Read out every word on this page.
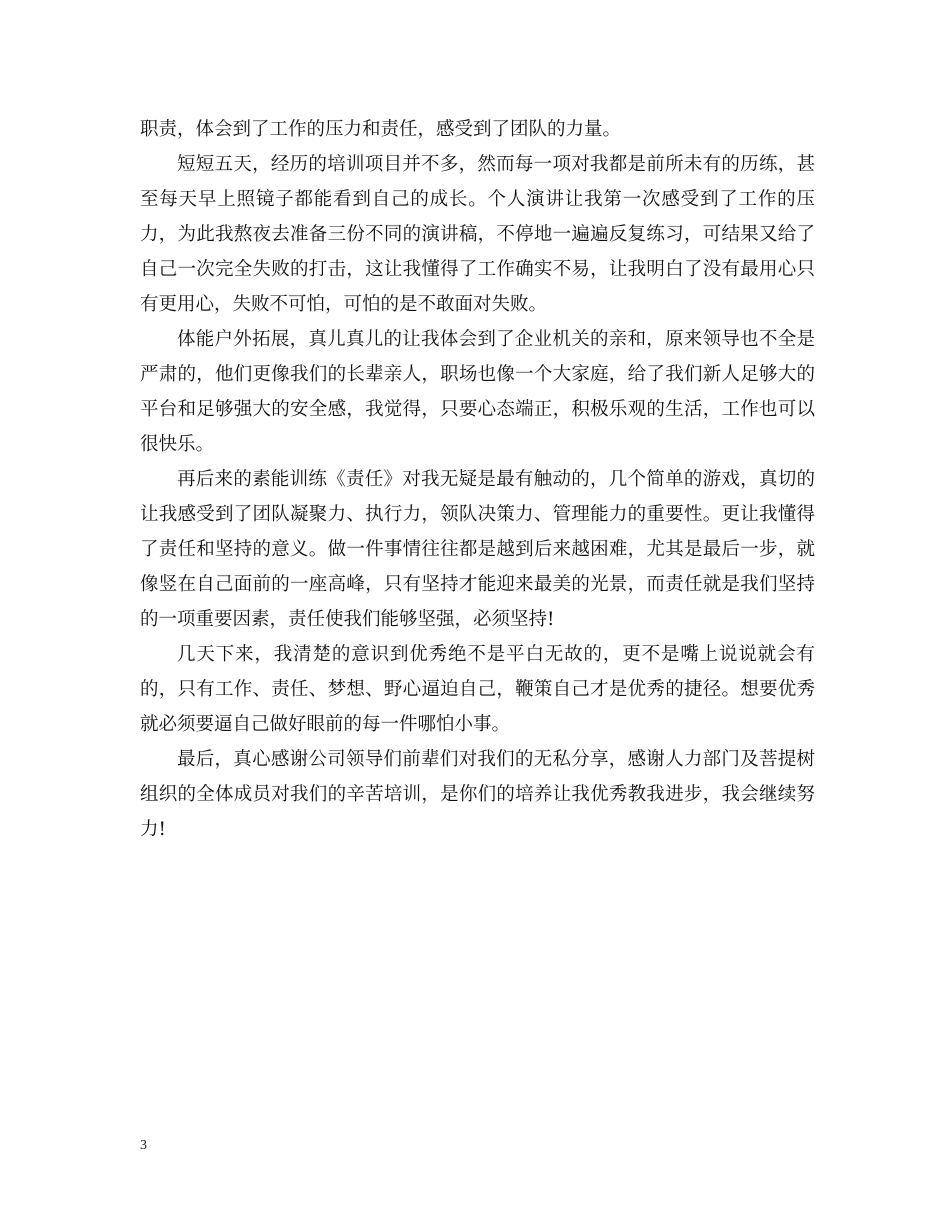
职责，体会到了工作的压力和责任，感受到了团队的力量。

短短五天，经历的培训项目并不多，然而每一项对我都是前所未有的历练，甚至每天早上照镜子都能看到自己的成长。个人演讲让我第一次感受到了工作的压力，为此我熬夜去准备三份不同的演讲稿，不停地一遍遍反复练习，可结果又给了自己一次完全失败的打击，这让我懂得了工作确实不易，让我明白了没有最用心只有更用心，失败不可怕，可怕的是不敢面对失败。

体能户外拓展，真儿真儿的让我体会到了企业机关的亲和，原来领导也不全是严肃的，他们更像我们的长辈亲人，职场也像一个大家庭，给了我们新人足够大的平台和足够强大的安全感，我觉得，只要心态端正，积极乐观的生活，工作也可以很快乐。

再后来的素能训练《责任》对我无疑是最有触动的，几个简单的游戏，真切的让我感受到了团队凝聚力、执行力，领队决策力、管理能力的重要性。更让我懂得了责任和坚持的意义。做一件事情往往都是越到后来越困难，尤其是最后一步，就像竖在自己面前的一座高峰，只有坚持才能迎来最美的光景，而责任就是我们坚持的一项重要因素，责任使我们能够坚强，必须坚持!

几天下来，我清楚的意识到优秀绝不是平白无故的，更不是嘴上说说就会有的，只有工作、责任、梦想、野心逼迫自己，鞭策自己才是优秀的捷径。想要优秀就必须要逼自己做好眼前的每一件哪怕小事。

最后，真心感谢公司领导们前辈们对我们的无私分享，感谢人力部门及菩提树组织的全体成员对我们的辛苦培训，是你们的培养让我优秀教我进步，我会继续努力!

3
